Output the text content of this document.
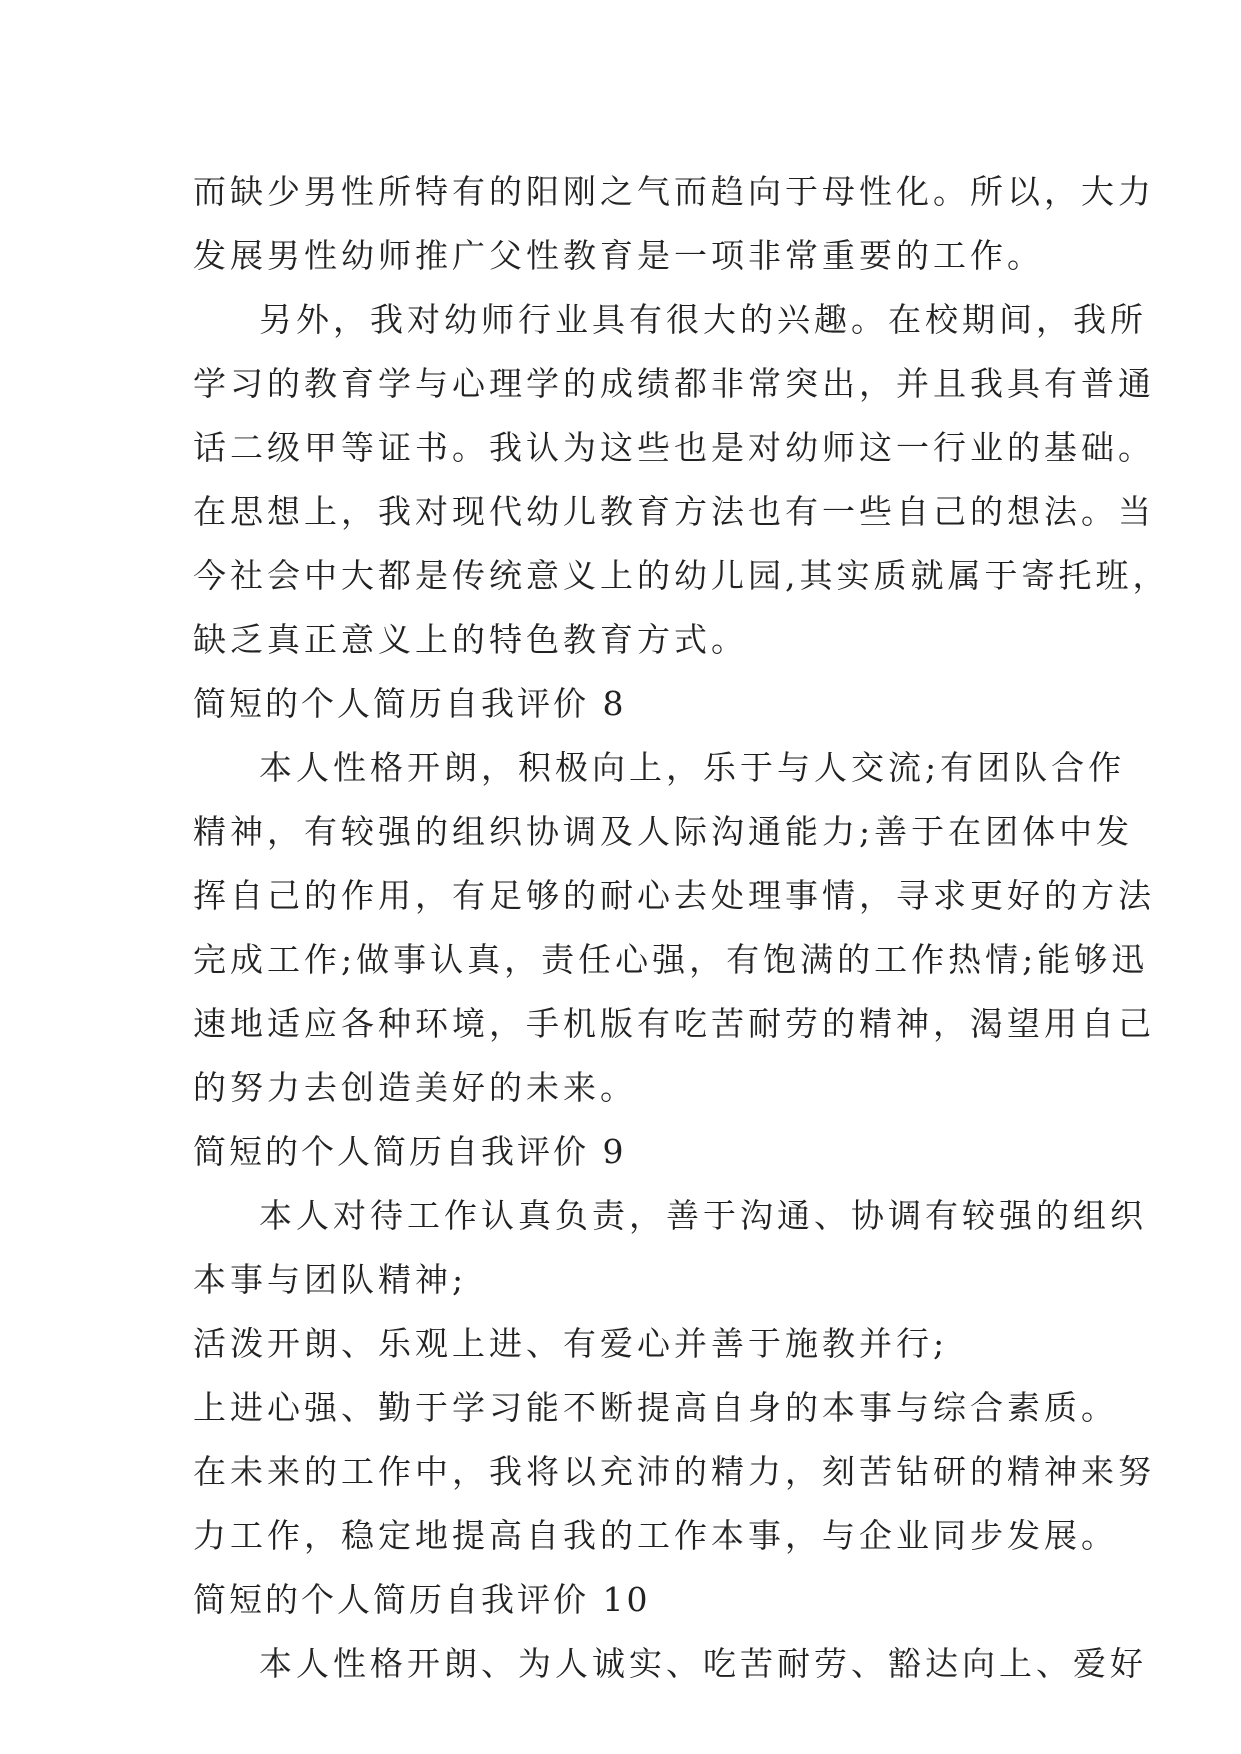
而缺少男性所特有的阳刚之气而趋向于母性化。所以，大力
发展男性幼师推广父性教育是一项非常重要的工作。
另外，我对幼师行业具有很大的兴趣。在校期间，我所
学习的教育学与心理学的成绩都非常突出，并且我具有普通
话二级甲等证书。我认为这些也是对幼师这一行业的基础。
在思想上，我对现代幼儿教育方法也有一些自己的想法。当
今社会中大都是传统意义上的幼儿园,其实质就属于寄托班，
缺乏真正意义上的特色教育方式。
简短的个人简历自我评价 8
本人性格开朗，积极向上，乐于与人交流;有团队合作
精神，有较强的组织协调及人际沟通能力;善于在团体中发
挥自己的作用，有足够的耐心去处理事情，寻求更好的方法
完成工作;做事认真，责任心强，有饱满的工作热情;能够迅
速地适应各种环境，手机版有吃苦耐劳的精神，渴望用自己
的努力去创造美好的未来。
简短的个人简历自我评价 9
本人对待工作认真负责，善于沟通、协调有较强的组织
本事与团队精神;
活泼开朗、乐观上进、有爱心并善于施教并行;
上进心强、勤于学习能不断提高自身的本事与综合素质。
在未来的工作中，我将以充沛的精力，刻苦钻研的精神来努
力工作，稳定地提高自我的工作本事，与企业同步发展。
简短的个人简历自我评价 10
本人性格开朗、为人诚实、吃苦耐劳、豁达向上、爱好
